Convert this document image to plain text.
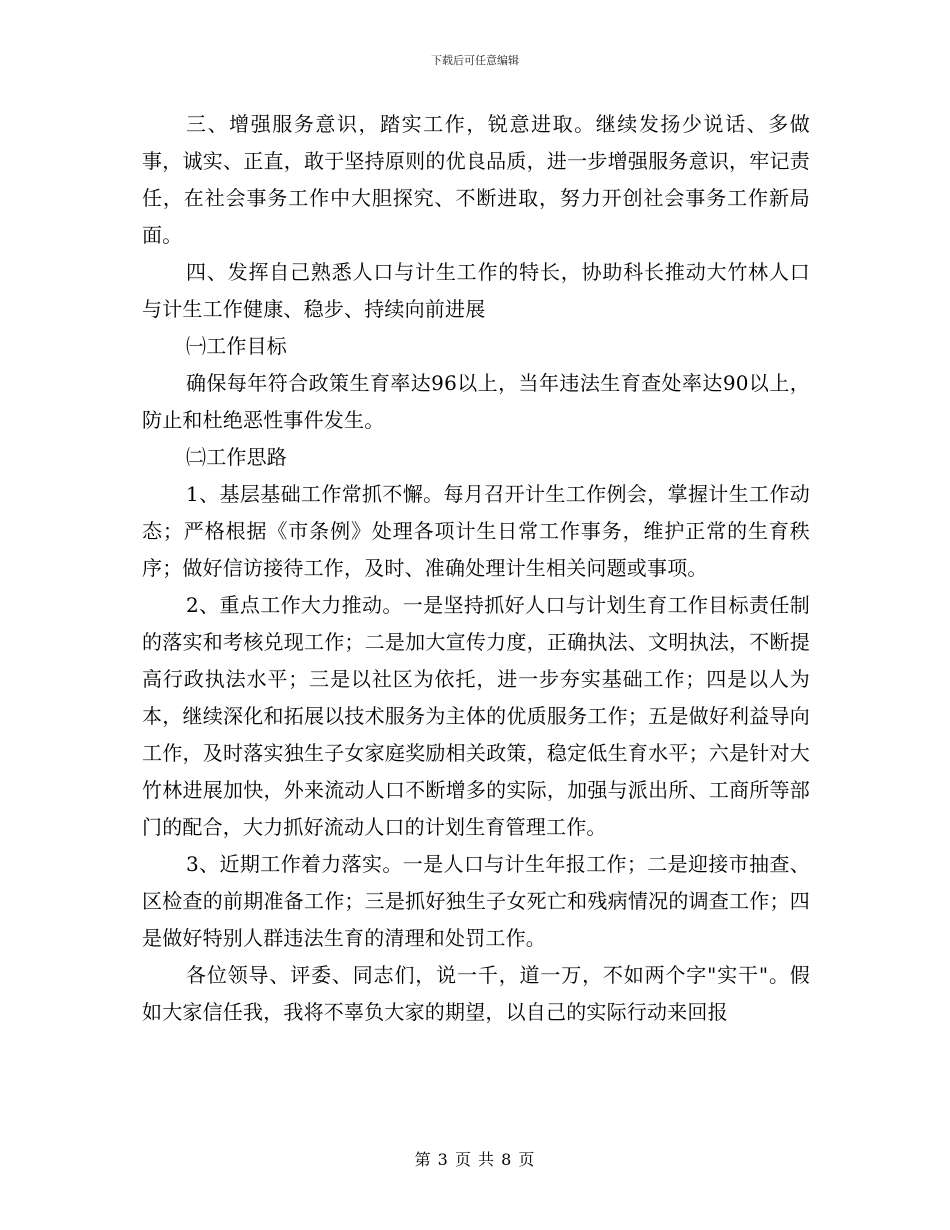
下载后可任意编辑

三、增强服务意识，踏实工作，锐意进取。继续发扬少说话、多做事，诚实、正直，敢于坚持原则的优良品质，进一步增强服务意识，牢记责任，在社会事务工作中大胆探究、不断进取，努力开创社会事务工作新局面。

四、发挥自己熟悉人口与计生工作的特长，协助科长推动大竹林人口与计生工作健康、稳步、持续向前进展

㈠工作目标

确保每年符合政策生育率达96以上，当年违法生育查处率达90以上，防止和杜绝恶性事件发生。

㈡工作思路

1、基层基础工作常抓不懈。每月召开计生工作例会，掌握计生工作动态；严格根据《市条例》处理各项计生日常工作事务，维护正常的生育秩序；做好信访接待工作，及时、准确处理计生相关问题或事项。

2、重点工作大力推动。一是坚持抓好人口与计划生育工作目标责任制的落实和考核兑现工作；二是加大宣传力度，正确执法、文明执法，不断提高行政执法水平；三是以社区为依托，进一步夯实基础工作；四是以人为本，继续深化和拓展以技术服务为主体的优质服务工作；五是做好利益导向工作，及时落实独生子女家庭奖励相关政策，稳定低生育水平；六是针对大竹林进展加快，外来流动人口不断增多的实际，加强与派出所、工商所等部门的配合，大力抓好流动人口的计划生育管理工作。

3、近期工作着力落实。一是人口与计生年报工作；二是迎接市抽查、区检查的前期准备工作；三是抓好独生子女死亡和残病情况的调查工作；四是做好特别人群违法生育的清理和处罚工作。

各位领导、评委、同志们，说一千，道一万，不如两个字"实干"。假如大家信任我，我将不辜负大家的期望，以自己的实际行动来回报

第 3 页 共 8 页
